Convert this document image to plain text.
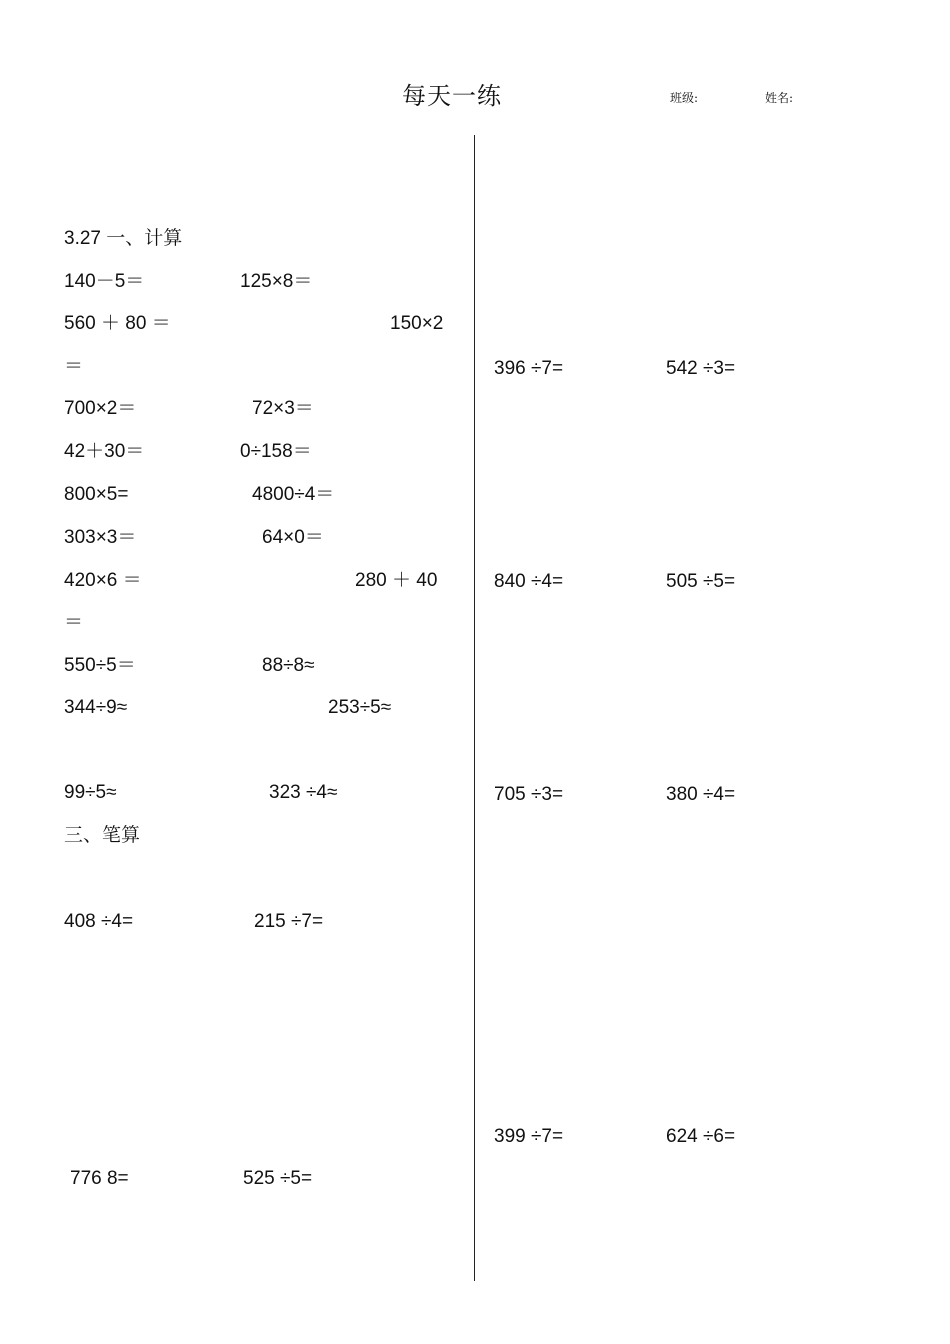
每天一练	班级:	姓名:
3.27 一、计算
140－5＝	125×8＝
560 ＋ 80 ＝	150×2
＝
700×2＝	72×3＝
42＋30＝	0÷158＝
800×5=	4800÷4＝
303×3＝	64×0＝
420×6 ＝	280 ＋ 40
＝
550÷5＝	88÷8≈
344÷9≈	253÷5≈
99÷5≈	323 ÷4≈
三、笔算
408 ÷4=	215 ÷7=
776 8=	525 ÷5=
396 ÷7=	542 ÷3=
840 ÷4=	505 ÷5=
705 ÷3=	380 ÷4=
399 ÷7=	624 ÷6=
